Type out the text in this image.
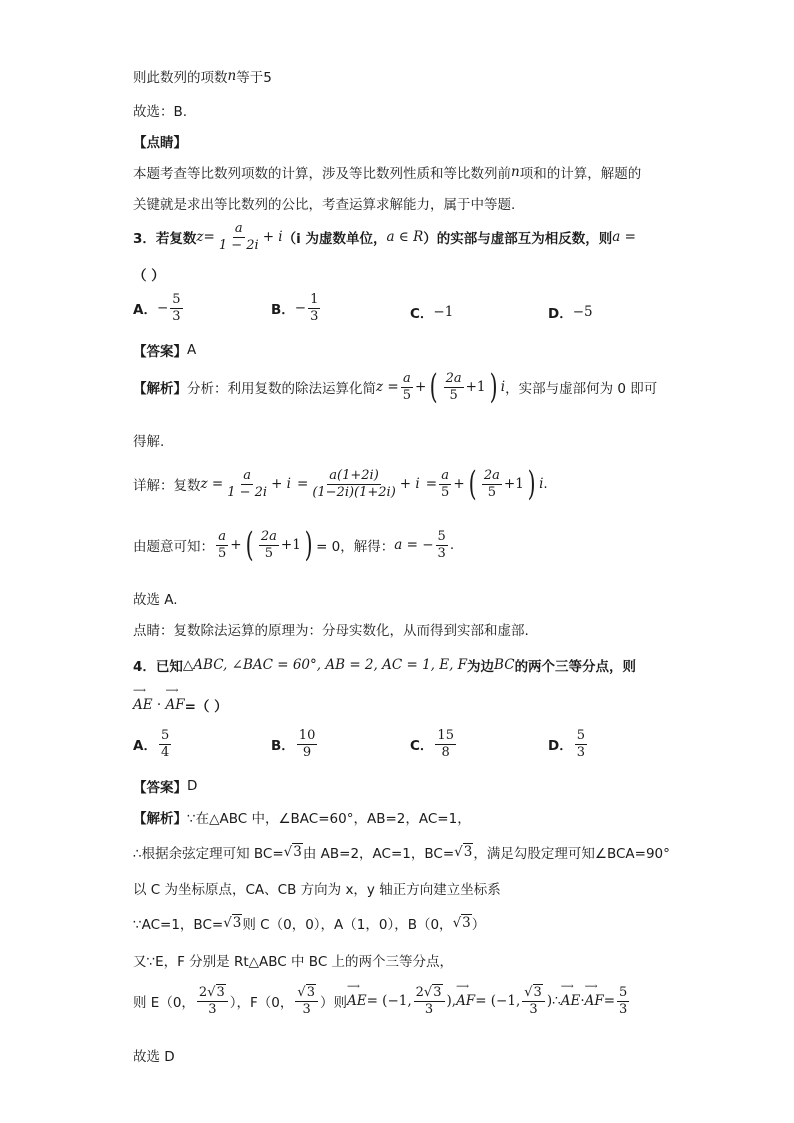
则此数列的项数 n 等于5
故选：B.
【点睛】
本题考查等比数列项数的计算，涉及等比数列性质和等比数列前 n 项和的计算，解题的
关键就是求出等比数列的公比，考查运算求解能力，属于中等题.
3． 若复数 $z = \frac{a}{1 - 2i} + i$ （i 为虚数单位， a ∈ R ）的实部与虚部互为相反数，则 a =
（ ）
A． − $\frac{5}{3}$	B． − $\frac{1}{3}$	C． −1	D． −5
【答案】 A
【解析】 分析：利用复数的除法运算化简 $z = \frac{a}{5}$ + ( $\frac{2a}{5} +1$ ) i ，实部与虚部何为 0 即可
得解.
详解：复数 $z = \frac{a}{1 - 2i} + i = \frac{a(1+2i)}{(1-2i)(1+2i)} + i = \frac{a}{5}$ + ( $\frac{2a}{5} +1$ ) i .
由题意可知： $\frac{a}{5}$ + ( $\frac{2a}{5} +1$ ) = 0，解得： a = − $\frac{5}{3}$ .
故选 A.
点睛：复数除法运算的原理为：分母实数化，从而得到实部和虚部.
4． 已知 △ABC, ∠BAC = 60°, AB = 2, AC = 1, E, F 为边 BC 的两个三等分点，则
⟶ AE · ⟶ AF =（ ）
A． $\frac{5}{4}$	B． $\frac{10}{9}$	C． $\frac{15}{8}$	D． $\frac{5}{3}$
【答案】 D
【解析】 ∵在△ABC 中，∠BAC=60°，AB=2，AC=1，
∴根据余弦定理可知 BC= √3 由 AB=2，AC=1，BC= √3 ，满足勾股定理可知∠BCA=90°
以 C 为坐标原点，CA、CB 方向为 x，y 轴正方向建立坐标系
∵AC=1，BC= √3 则 C（0，0），A（1，0），B（0， √3 ）
又∵E，F 分别是 Rt△ABC 中 BC 上的两个三等分点，
则 E（0， $\frac{2√3}{3}$ ），F（0， $\frac{√3}{3}$ ）则 ⟶ AE = (−1, $\frac{2√3}{3}$ ), ⟶ AF = (−1, $\frac{√3}{3}$ ) ∴ ⟶ AE · ⟶ AF = $\frac{5}{3}$
故选 D
